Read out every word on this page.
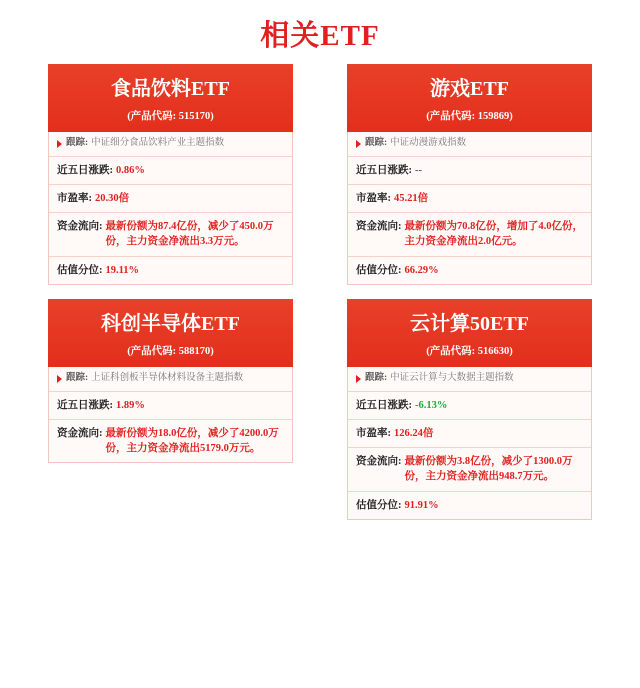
相关ETF
食品饮料ETF
(产品代码: 515170)
跟踪: 中证细分食品饮料产业主题指数
近五日涨跌: 0.86%
市盈率: 20.30倍
资金流向: 最新份额为87.4亿份，减少了450.0万份，主力资金净流出3.3万元。
估值分位: 19.11%
游戏ETF
(产品代码: 159869)
跟踪: 中证动漫游戏指数
近五日涨跌: --
市盈率: 45.21倍
资金流向: 最新份额为70.8亿份，增加了4.0亿份，主力资金净流出2.0亿元。
估值分位: 66.29%
科创半导体ETF
(产品代码: 588170)
跟踪: 上证科创板半导体材料设备主题指数
近五日涨跌: 1.89%
资金流向: 最新份额为18.0亿份，减少了4200.0万份，主力资金净流出5179.0万元。
云计算50ETF
(产品代码: 516630)
跟踪: 中证云计算与大数据主题指数
近五日涨跌: -6.13%
市盈率: 126.24倍
资金流向: 最新份额为3.8亿份，减少了1300.0万份，主力资金净流出948.7万元。
估值分位: 91.91%
